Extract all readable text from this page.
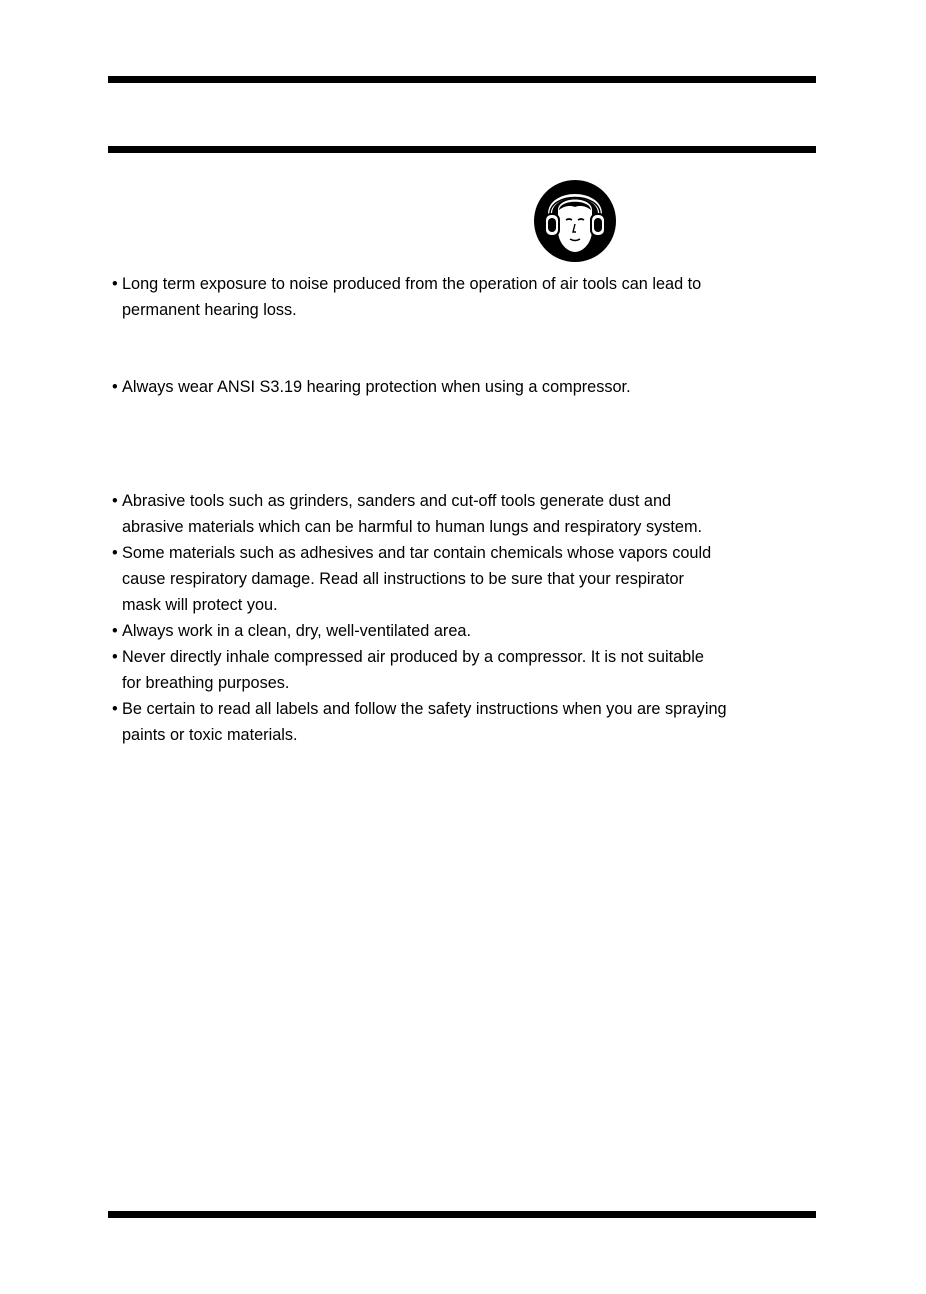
• Long term exposure to noise produced from the operation of air tools can lead to
permanent hearing loss.
• Always wear ANSI S3.19 hearing protection when using a compressor.
• Abrasive tools such as grinders, sanders and cut-off tools generate dust and
abrasive materials which can be harmful to human lungs and respiratory system.
• Some materials such as adhesives and tar contain chemicals whose vapors could
cause respiratory damage. Read all instructions to be sure that your respirator
mask will protect you.
• Always work in a clean, dry, well-ventilated area.
• Never directly inhale compressed air produced by a compressor. It is not suitable
for breathing purposes.
• Be certain to read all labels and follow the safety instructions when you are spraying
paints or toxic materials.
